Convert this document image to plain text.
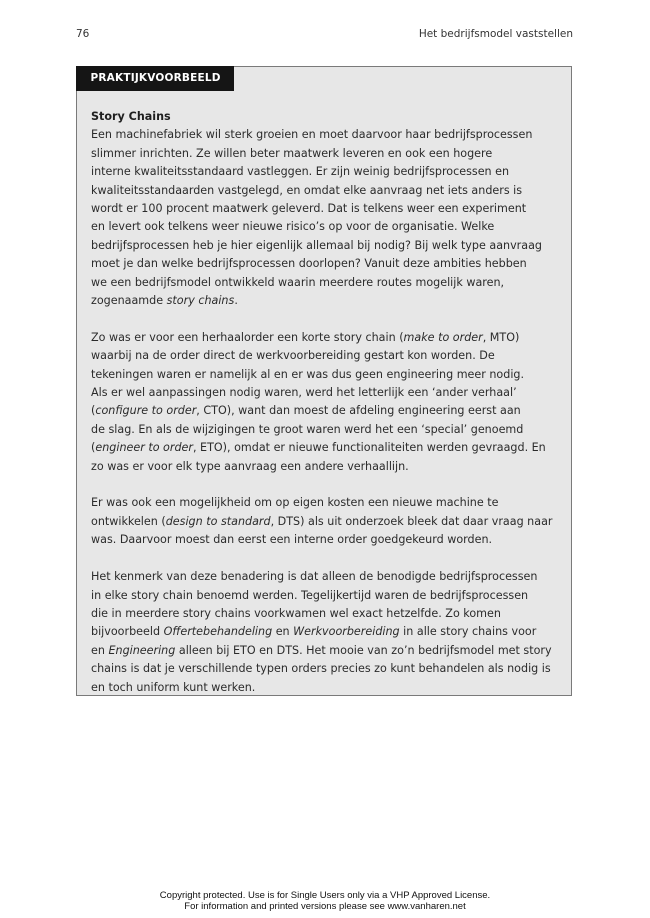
76	Het bedrijfsmodel vaststellen
PRAKTIJKVOORBEELD
Story Chains

Een machinefabriek wil sterk groeien en moet daarvoor haar bedrijfsprocessen
slimmer inrichten. Ze willen beter maatwerk leveren en ook een hogere
interne kwaliteitsstandaard vastleggen. Er zijn weinig bedrijfsprocessen en
kwaliteitsstandaarden vastgelegd, en omdat elke aanvraag net iets anders is
wordt er 100 procent maatwerk geleverd. Dat is telkens weer een experiment
en levert ook telkens weer nieuwe risico’s op voor de organisatie. Welke
bedrijfsprocessen heb je hier eigenlijk allemaal bij nodig? Bij welk type aanvraag
moet je dan welke bedrijfsprocessen doorlopen? Vanuit deze ambities hebben
we een bedrijfsmodel ontwikkeld waarin meerdere routes mogelijk waren,
zogenaamde story chains.

Zo was er voor een herhaalorder een korte story chain (make to order, MTO)
waarbij na de order direct de werkvoorbereiding gestart kon worden. De
tekeningen waren er namelijk al en er was dus geen engineering meer nodig.
Als er wel aanpassingen nodig waren, werd het letterlijk een ‘ander verhaal’
(configure to order, CTO), want dan moest de afdeling engineering eerst aan
de slag. En als de wijzigingen te groot waren werd het een ‘special’ genoemd
(engineer to order, ETO), omdat er nieuwe functionaliteiten werden gevraagd. En
zo was er voor elk type aanvraag een andere verhaallijn.

Er was ook een mogelijkheid om op eigen kosten een nieuwe machine te
ontwikkelen (design to standard, DTS) als uit onderzoek bleek dat daar vraag naar
was. Daarvoor moest dan eerst een interne order goedgekeurd worden.

Het kenmerk van deze benadering is dat alleen de benodigde bedrijfsprocessen
in elke story chain benoemd werden. Tegelijkertijd waren de bedrijfsprocessen
die in meerdere story chains voorkwamen wel exact hetzelfde. Zo komen
bijvoorbeeld Offertebehandeling en Werkvoorbereiding in alle story chains voor
en Engineering alleen bij ETO en DTS. Het mooie van zo’n bedrijfsmodel met story
chains is dat je verschillende typen orders precies zo kunt behandelen als nodig is
en toch uniform kunt werken.

Copyright protected. Use is for Single Users only via a VHP Approved License.
For information and printed versions please see www.vanharen.net
